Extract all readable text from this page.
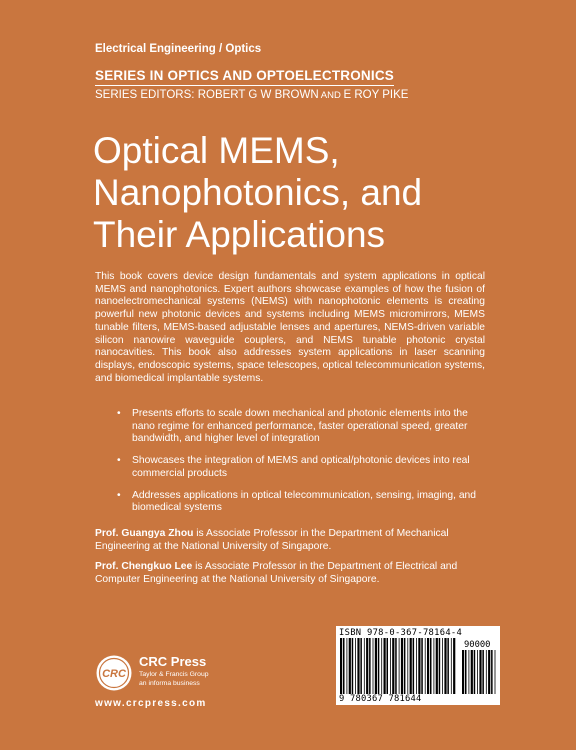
Electrical Engineering / Optics
SERIES IN OPTICS AND OPTOELECTRONICS
SERIES EDITORS: ROBERT G W BROWN AND E ROY PIKE
Optical MEMS,
Nanophotonics, and
Their Applications
This book covers device design fundamentals and system applications in optical MEMS and nanophotonics. Expert authors showcase examples of how the fusion of nanoelectromechanical systems (NEMS) with nanophotonic elements is creating powerful new photonic devices and systems including MEMS micromirrors, MEMS tunable filters, MEMS-based adjustable lenses and apertures, NEMS-driven variable silicon nanowire waveguide couplers, and NEMS tunable photonic crystal nanocavities. This book also addresses system applications in laser scanning displays, endoscopic systems, space telescopes, optical telecommunication systems, and biomedical implantable systems.
• Presents efforts to scale down mechanical and photonic elements into the nano regime for enhanced performance, faster operational speed, greater bandwidth, and higher level of integration
• Showcases the integration of MEMS and optical/photonic devices into real commercial products
• Addresses applications in optical telecommunication, sensing, imaging, and biomedical systems

Prof. Guangya Zhou is Associate Professor in the Department of Mechanical Engineering at the National University of Singapore.

Prof. Chengkuo Lee is Associate Professor in the Department of Electrical and Computer Engineering at the National University of Singapore.

CRC
CRC Press
Taylor & Francis Group
an informa business
www.crcpress.com
ISBN 978-0-367-78164-4
90000
9 780367 781644
